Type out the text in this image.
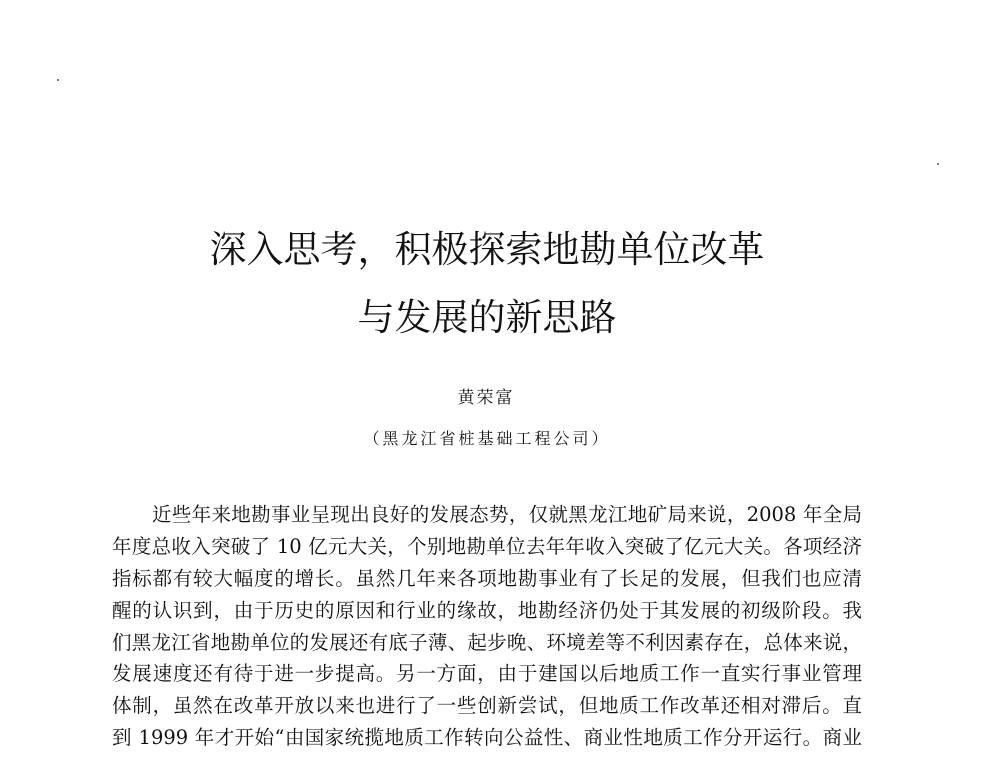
深入思考，积极探索地勘单位改革
与发展的新思路
黄荣富
（黑龙江省桩基础工程公司）
近些年来地勘事业呈现出良好的发展态势，仅就黑龙江地矿局来说，2008 年全局
年度总收入突破了 10 亿元大关，个别地勘单位去年年收入突破了亿元大关。各项经济
指标都有较大幅度的增长。虽然几年来各项地勘事业有了长足的发展，但我们也应清
醒的认识到，由于历史的原因和行业的缘故，地勘经济仍处于其发展的初级阶段。我
们黑龙江省地勘单位的发展还有底子薄、起步晚、环境差等不利因素存在，总体来说，
发展速度还有待于进一步提高。另一方面，由于建国以后地质工作一直实行事业管理
体制，虽然在改革开放以来也进行了一些创新尝试，但地质工作改革还相对滞后。直
到 1999 年才开始“由国家统揽地质工作转向公益性、商业性地质工作分开运行。商业
